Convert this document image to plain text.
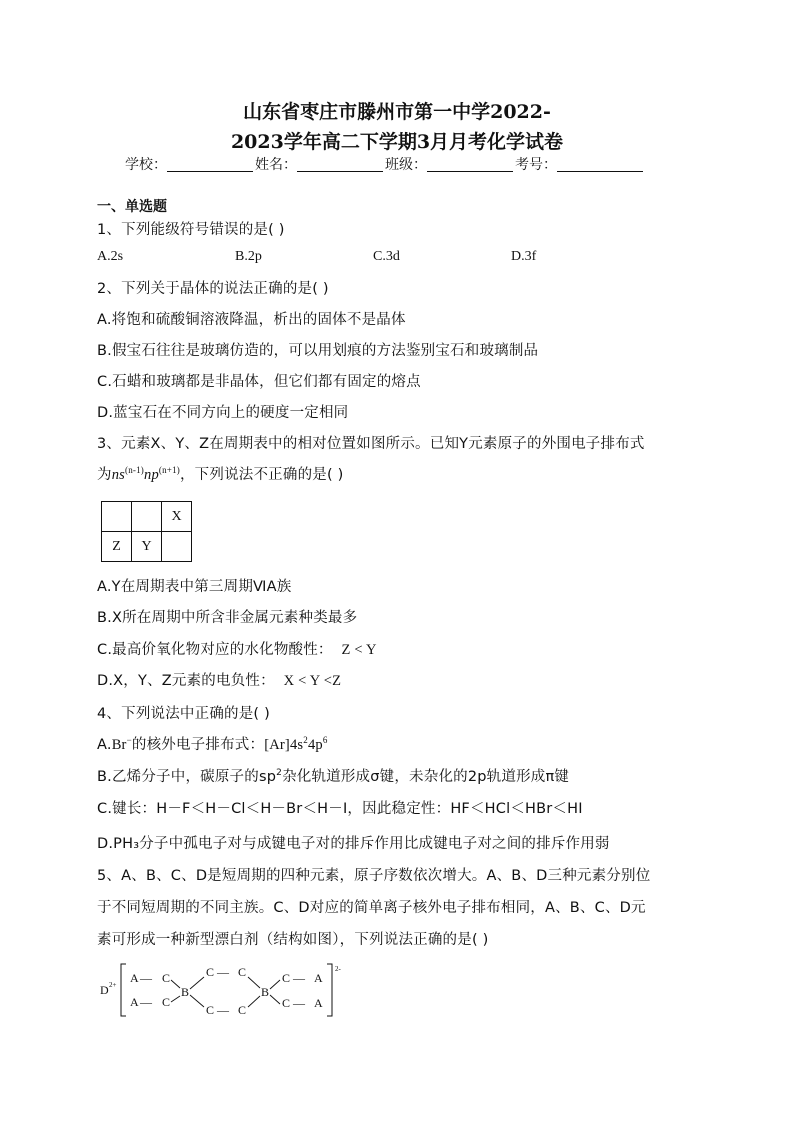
山东省枣庄市滕州市第一中学2022-
2023学年高二下学期3月月考化学试卷
学校：	姓名：	班级：	考号：
一、单选题
1、下列能级符号错误的是( )
A.2s	B.2p	C.3d	D.3f
2、下列关于晶体的说法正确的是( )
A.将饱和硫酸铜溶液降温，析出的固体不是晶体
B.假宝石往往是玻璃仿造的，可以用划痕的方法鉴别宝石和玻璃制品
C.石蜡和玻璃都是非晶体，但它们都有固定的熔点
D.蓝宝石在不同方向上的硬度一定相同
3、元素X、Y、Z在周期表中的相对位置如图所示。已知Y元素原子的外围电子排布式
为$ns^{(n-1)}np^{(n+1)}$，下列说法不正确的是( )
		X
Z	Y	
A.Y在周期表中第三周期ⅥA族
B.X所在周期中所含非金属元素种类最多
C.最高价氧化物对应的水化物酸性： Z < Y
D.X，Y、Z元素的电负性： X < Y <Z
4、下列说法中正确的是( )
A.Br−的核外电子排布式：$[Ar]4s^24p^6$
B.乙烯分子中，碳原子的$sp^2$杂化轨道形成σ键，未杂化的2p轨道形成π键
C.键长：H－F＜H－Cl＜H－Br＜H－I，因此稳定性：HF＜HCl＜HBr＜HI
D.PH₃分子中孤电子对与成键电子对的排斥作用比成键电子对之间的排斥作用弱
5、A、B、C、D是短周期的四种元素，原子序数依次增大。A、B、D三种元素分别位
于不同短周期的不同主族。C、D对应的简单离子核外电子排布相同，A、B、C、D元
素可形成一种新型漂白剂（结构如图），下列说法正确的是( )
D 2+
2-
A — C
A — C
B
C — C
C — C
B
C — A
C — A
